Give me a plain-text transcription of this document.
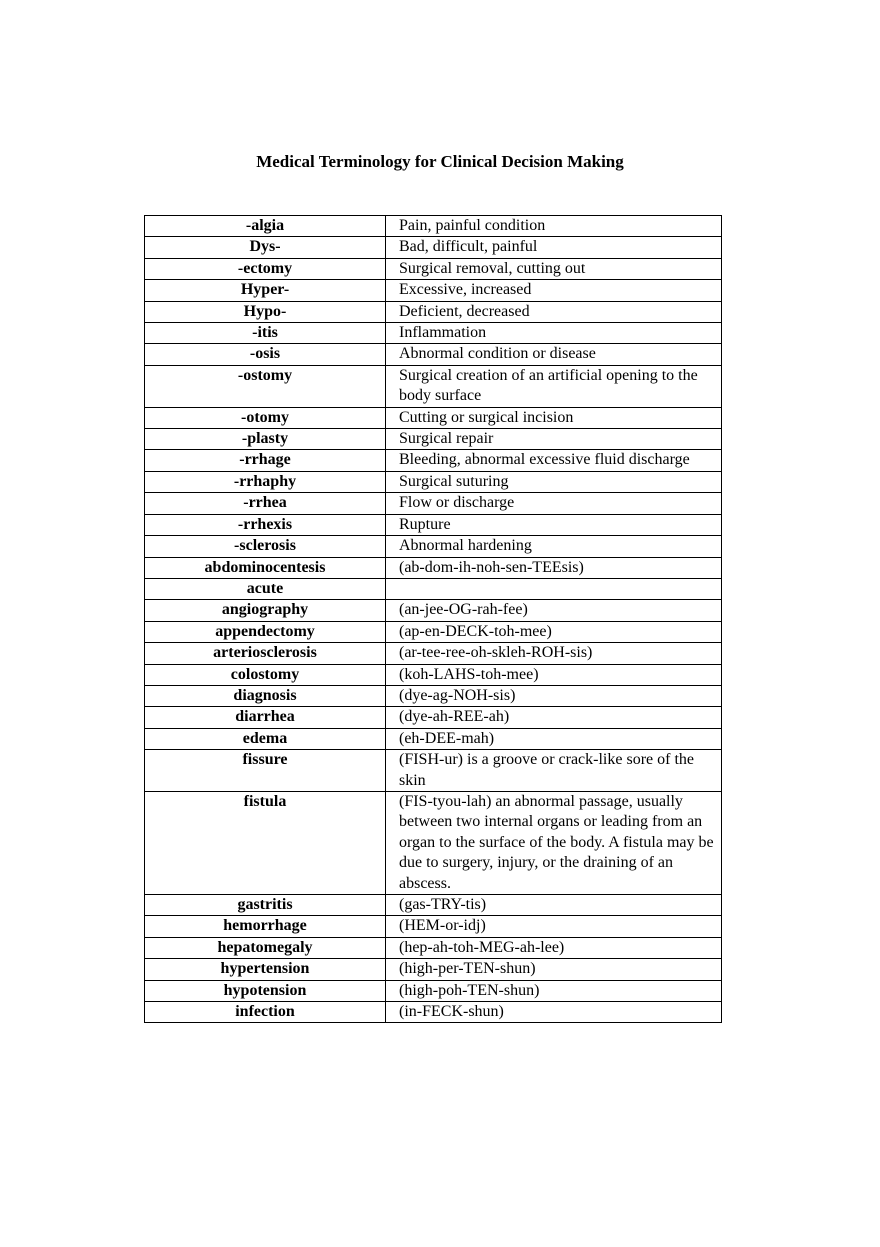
Medical Terminology for Clinical Decision Making
-algia	Pain, painful condition
Dys-	Bad, difficult, painful
-ectomy	Surgical removal, cutting out
Hyper-	Excessive, increased
Hypo-	Deficient, decreased
-itis	Inflammation
-osis	Abnormal condition or disease
-ostomy	Surgical creation of an artificial opening to the body surface
-otomy	Cutting or surgical incision
-plasty	Surgical repair
-rrhage	Bleeding, abnormal excessive fluid discharge
-rrhaphy	Surgical suturing
-rrhea	Flow or discharge
-rrhexis	Rupture
-sclerosis	Abnormal hardening
abdominocentesis	(ab-dom-ih-noh-sen-TEEsis)
acute	
angiography	(an-jee-OG-rah-fee)
appendectomy	(ap-en-DECK-toh-mee)
arteriosclerosis	(ar-tee-ree-oh-skleh-ROH-sis)
colostomy	(koh-LAHS-toh-mee)
diagnosis	(dye-ag-NOH-sis)
diarrhea	(dye-ah-REE-ah)
edema	(eh-DEE-mah)
fissure	(FISH-ur) is a groove or crack-like sore of the skin
fistula	(FIS-tyou-lah) an abnormal passage, usually between two internal organs or leading from an organ to the surface of the body. A fistula may be due to surgery, injury, or the draining of an abscess.
gastritis	(gas-TRY-tis)
hemorrhage	(HEM-or-idj)
hepatomegaly	(hep-ah-toh-MEG-ah-lee)
hypertension	(high-per-TEN-shun)
hypotension	(high-poh-TEN-shun)
infection	(in-FECK-shun)
